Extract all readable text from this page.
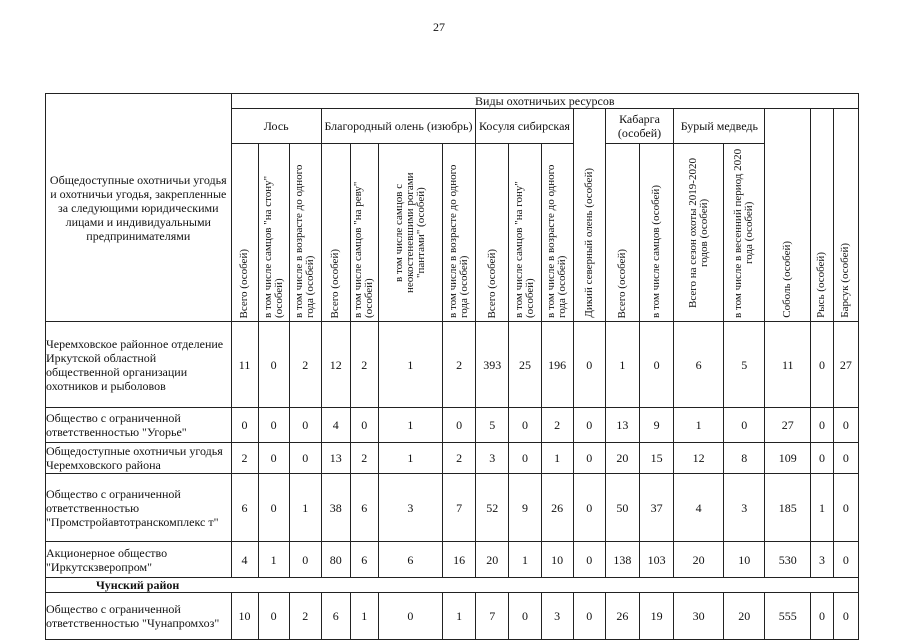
27
Общедоступные охотничьи угодья и охотничьи угодья, закрепленные за следующими юридическими лицами и индивидуальными предпринимателями	Виды охотничьих ресурсов																	
	Лось			Благородный олень (изюбрь)				Косуля сибирская			Дикий северный олень (особей)	Кабарга (особей)		Бурый медведь		Соболь (особей)	Рысь (особей)	Барсук (особей)

	Всего (особей)	в том числе самцов "на стону" (особей)	в том числе в возрасте до одного года (особей)	Всего (особей)	в том числе самцов "на реву" (особей)	в том числе самцов с неокостеневшими рогами "пантами" (особей)	в том числе в возрасте до одного года (особей)	Всего (особей)	в том числе самцов "на гону" (особей)	в том числе в возрасте до одного года (особей)		Всего (особей)	в том числе самцов (особей)	Всего на сезон охоты 2019-2020 годов (особей)	в том числе в весенний период 2020 года (особей)			

Черемховское районное отделение Иркутской областной общественной организации охотников и рыболовов	11	0	2	12	2	1	2	393	25	196	0	1	0	6	5	11	0	27
Общество с ограниченной ответственностью "Угорье"	0	0	0	4	0	1	0	5	0	2	0	13	9	1	0	27	0	0
Общедоступные охотничьи угодья Черемховского района	2	0	0	13	2	1	2	3	0	1	0	20	15	12	8	109	0	0
Общество с ограниченной ответственностью "Промстройавтотранскомплекс т"	6	0	1	38	6	3	7	52	9	26	0	50	37	4	3	185	1	0
Акционерное общество "Иркутскзверопром"	4	1	0	80	6	6	16	20	1	10	0	138	103	20	10	530	3	0
Чунский район																		
Общество с ограниченной ответственностью "Чунапромхоз"	10	0	2	6	1	0	1	7	0	3	0	26	19	30	20	555	0	0
